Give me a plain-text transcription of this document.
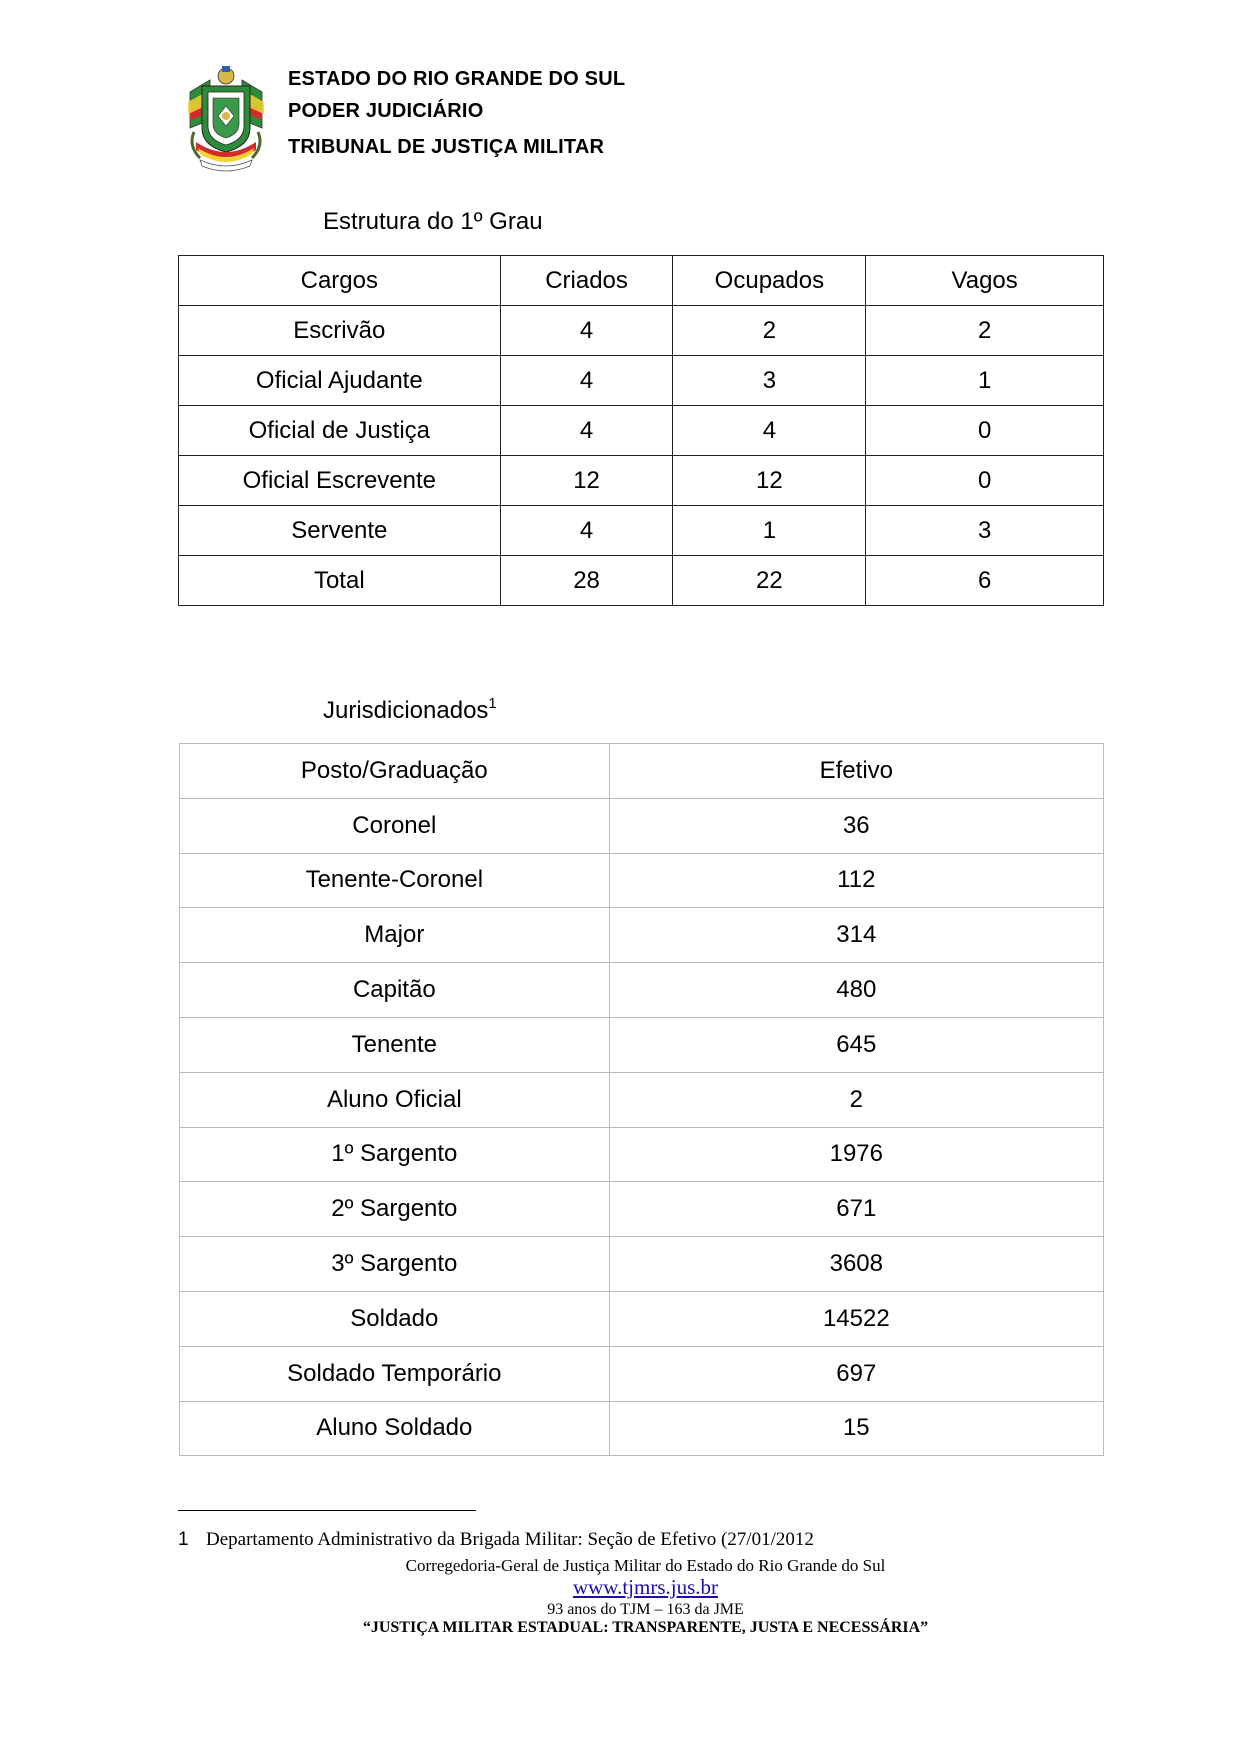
ESTADO DO RIO GRANDE DO SUL
PODER JUDICIÁRIO
TRIBUNAL DE JUSTIÇA MILITAR
Estrutura do 1º Grau
Cargos	Criados	Ocupados	Vagos
Escrivão	4	2	2
Oficial Ajudante	4	3	1
Oficial de Justiça	4	4	0
Oficial Escrevente	12	12	0
Servente	4	1	3
Total	28	22	6
Jurisdicionados$^1$
Posto/Graduação	Efetivo
Coronel	36
Tenente-Coronel	112
Major	314
Capitão	480
Tenente	645
Aluno Oficial	2
1º Sargento	1976
2º Sargento	671
3º Sargento	3608
Soldado	14522
Soldado Temporário	697
Aluno Soldado	15
1 Departamento Administrativo da Brigada Militar: Seção de Efetivo (27/01/2012
Corregedoria-Geral de Justiça Militar do Estado do Rio Grande do Sul
www.tjmrs.jus.br
93 anos do TJM – 163 da JME
“JUSTIÇA MILITAR ESTADUAL: TRANSPARENTE, JUSTA E NECESSÁRIA”
